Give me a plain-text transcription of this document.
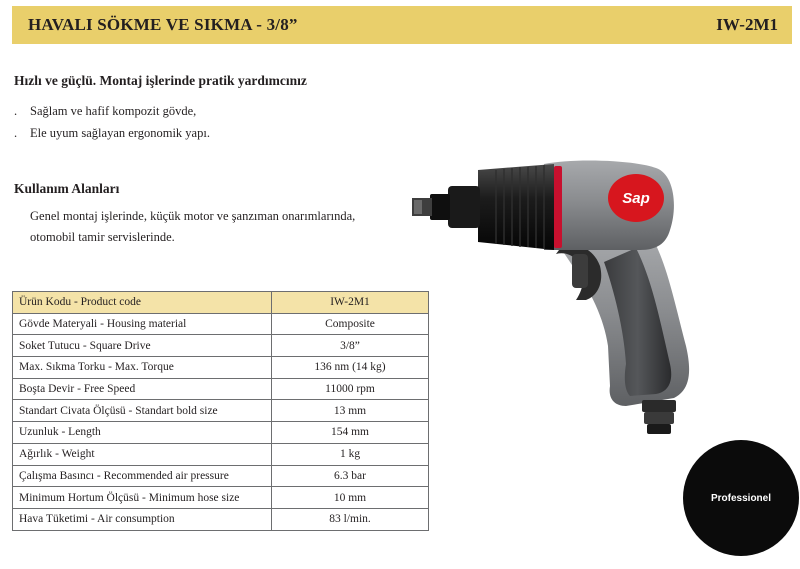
HAVALI SÖKME VE SIKMA - 3/8”	IW-2M1
Hızlı ve güçlü. Montaj işlerinde pratik yardımcınız
.	Sağlam ve hafif kompozit gövde,
.	Ele uyum sağlayan ergonomik yapı.
Kullanım Alanları
Genel montaj işlerinde, küçük motor ve şanzıman onarımlarında, otomobil tamir servislerinde.
Ürün Kodu - Product code	IW-2M1
Gövde Materyali - Housing material	Composite
Soket Tutucu - Square Drive	3/8”
Max. Sıkma Torku - Max. Torque	136 nm (14 kg)
Boşta Devir - Free Speed	11000 rpm
Standart Civata Ölçüsü - Standart bold size	13 mm
Uzunluk - Length	154 mm
Ağırlık - Weight	1 kg
Çalışma Basıncı - Recommended air pressure	6.3 bar
Minimum Hortum Ölçüsü - Minimum hose size	10 mm
Hava Tüketimi - Air consumption	83 l/min.
Sap
Professionel
